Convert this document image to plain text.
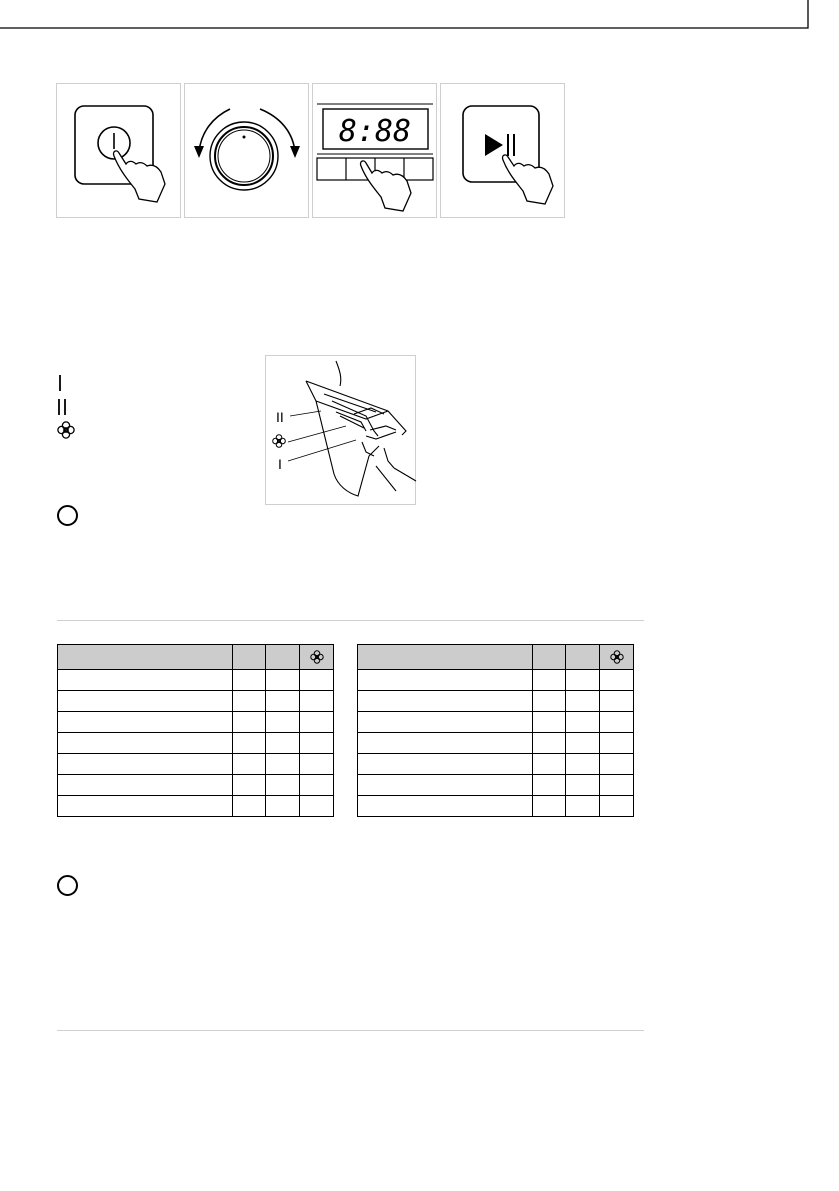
8:88
II
I
